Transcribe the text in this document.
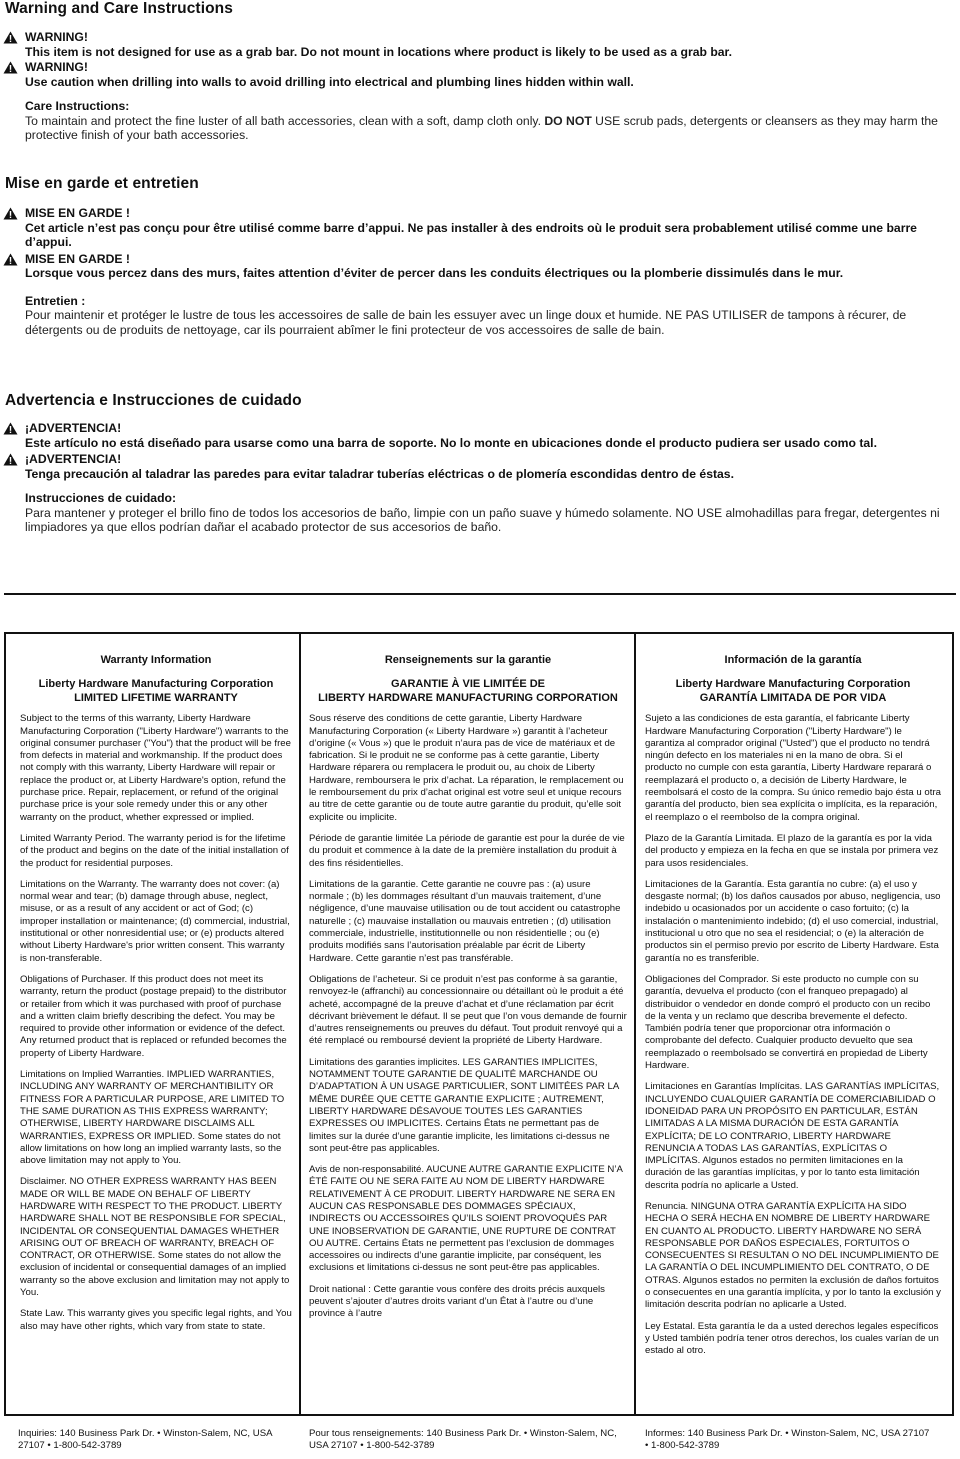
Warning and Care Instructions
WARNING!
This item is not designed for use as a grab bar. Do not mount in locations where product is likely to be used as a grab bar.
WARNING!
Use caution when drilling into walls to avoid drilling into electrical and plumbing lines hidden within wall.
Care Instructions:
To maintain and protect the fine luster of all bath accessories, clean with a soft, damp cloth only. DO NOT USE scrub pads, detergents or cleansers as they may harm the protective finish of your bath accessories.
Mise en garde et entretien
MISE EN GARDE !
Cet article n’est pas conçu pour être utilisé comme barre d’appui. Ne pas installer à des endroits où le produit sera probablement utilisé comme une barre d’appui.
MISE EN GARDE !
Lorsque vous percez dans des murs, faites attention d’éviter de percer dans les conduits électriques ou la plomberie dissimulés dans le mur.
Entretien :
Pour maintenir et protéger le lustre de tous les accessoires de salle de bain les essuyer avec un linge doux et humide. NE PAS UTILISER de tampons à récurer, de détergents ou de produits de nettoyage, car ils pourraient abîmer le fini protecteur de vos accessoires de salle de bain.
Advertencia e Instrucciones de cuidado
¡ADVERTENCIA!
Este artículo no está diseñado para usarse como una barra de soporte. No lo monte en ubicaciones donde el producto pudiera ser usado como tal.
¡ADVERTENCIA!
Tenga precaución al taladrar las paredes para evitar taladrar tuberías eléctricas o de plomería escondidas dentro de éstas.
Instrucciones de cuidado:
Para mantener y proteger el brillo fino de todos los accesorios de baño, limpie con un paño suave y húmedo solamente. NO USE almohadillas para fregar, detergentes ni limpiadores ya que ellos podrían dañar el acabado protector de sus accesorios de baño.
Warranty Information
Liberty Hardware Manufacturing Corporation
LIMITED LIFETIME WARRANTY

Subject to the terms of this warranty, Liberty Hardware Manufacturing Corporation ("Liberty Hardware") warrants to the original consumer purchaser ("You") that the product will be free from defects in material and workmanship. If the product does not comply with this warranty, Liberty Hardware will repair or replace the product or, at Liberty Hardware's option, refund the purchase price. Repair, replacement, or refund of the original purchase price is your sole remedy under this or any other warranty on the product, whether expressed or implied.

Limited Warranty Period. The warranty period is for the lifetime of the product and begins on the date of the initial installation of the product for residential purposes.

Limitations on the Warranty. The warranty does not cover: (a) normal wear and tear; (b) damage through abuse, neglect, misuse, or as a result of any accident or act of God; (c) improper installation or maintenance; (d) commercial, industrial, institutional or other nonresidential use; or (e) products altered without Liberty Hardware's prior written consent. This warranty is non-transferable.

Obligations of Purchaser. If this product does not meet its warranty, return the product (postage prepaid) to the distributor or retailer from which it was purchased with proof of purchase and a written claim briefly describing the defect. You may be required to provide other information or evidence of the defect. Any returned product that is replaced or refunded becomes the property of Liberty Hardware.

Limitations on Implied Warranties. IMPLIED WARRANTIES, INCLUDING ANY WARRANTY OF MERCHANTIBILITY OR FITNESS FOR A PARTICULAR PURPOSE, ARE LIMITED TO THE SAME DURATION AS THIS EXPRESS WARRANTY; OTHERWISE, LIBERTY HARDWARE DISCLAIMS ALL WARRANTIES, EXPRESS OR IMPLIED. Some states do not allow limitations on how long an implied warranty lasts, so the above limitation may not apply to You.

Disclaimer. NO OTHER EXPRESS WARRANTY HAS BEEN MADE OR WILL BE MADE ON BEHALF OF LIBERTY HARDWARE WITH RESPECT TO THE PRODUCT. LIBERTY HARDWARE SHALL NOT BE RESPONSIBLE FOR SPECIAL, INCIDENTAL OR CONSEQUENTIAL DAMAGES WHETHER ARISING OUT OF BREACH OF WARRANTY, BREACH OF CONTRACT, OR OTHERWISE. Some states do not allow the exclusion of incidental or consequential damages of an implied warranty so the above exclusion and limitation may not apply to You.

State Law. This warranty gives you specific legal rights, and You also may have other rights, which vary from state to state.

Renseignements sur la garantie
GARANTIE À VIE LIMITÉE DE
LIBERTY HARDWARE MANUFACTURING CORPORATION

Sous réserve des conditions de cette garantie, Liberty Hardware Manufacturing Corporation (« Liberty Hardware ») garantit à l’acheteur d’origine (« Vous ») que le produit n’aura pas de vice de matériaux et de fabrication. Si le produit ne se conforme pas à cette garantie, Liberty Hardware réparera ou remplacera le produit ou, au choix de Liberty Hardware, remboursera le prix d’achat. La réparation, le remplacement ou le remboursement du prix d’achat original est votre seul et unique recours au titre de cette garantie ou de toute autre garantie du produit, qu’elle soit explicite ou implicite.

Période de garantie limitée La période de garantie est pour la durée de vie du produit et commence à la date de la première installation du produit à des fins résidentielles.

Limitations de la garantie. Cette garantie ne couvre pas : (a) usure normale ; (b) les dommages résultant d’un mauvais traitement, d’une négligence, d’une mauvaise utilisation ou de tout accident ou catastrophe naturelle ; (c) mauvaise installation ou mauvais entretien ; (d) utilisation commerciale, industrielle, institutionnelle ou non résidentielle ; ou (e) produits modifiés sans l’autorisation préalable par écrit de Liberty Hardware. Cette garantie n’est pas transférable.

Obligations de l’acheteur. Si ce produit n’est pas conforme à sa garantie, renvoyez-le (affranchi) au concessionnaire ou détaillant où le produit a été acheté, accompagné de la preuve d’achat et d’une réclamation par écrit décrivant brièvement le défaut. Il se peut que l’on vous demande de fournir d’autres renseignements ou preuves du défaut. Tout produit renvoyé qui a été remplacé ou remboursé devient la propriété de Liberty Hardware.

Limitations des garanties implicites. LES GARANTIES IMPLICITES, NOTAMMENT TOUTE GARANTIE DE QUALITÉ MARCHANDE OU D’ADAPTATION À UN USAGE PARTICULIER, SONT LIMITÉES PAR LA MÊME DURÉE QUE CETTE GARANTIE EXPLICITE ; AUTREMENT, LIBERTY HARDWARE DÉSAVOUE TOUTES LES GARANTIES EXPRESSES OU IMPLICITES. Certains États ne permettant pas de limites sur la durée d’une garantie implicite, les limitations ci-dessus ne sont peut-être pas applicables.

Avis de non-responsabilité. AUCUNE AUTRE GARANTIE EXPLICITE N’A ÉTÉ FAITE OU NE SERA FAITE AU NOM DE LIBERTY HARDWARE RELATIVEMENT À CE PRODUIT. LIBERTY HARDWARE NE SERA EN AUCUN CAS RESPONSABLE DES DOMMAGES SPÉCIAUX, INDIRECTS OU ACCESSOIRES QU’ILS SOIENT PROVOQUÉS PAR UNE INOBSERVATION DE GARANTIE, UNE RUPTURE DE CONTRAT OU AUTRE. Certains États ne permettent pas l’exclusion de dommages accessoires ou indirects d’une garantie implicite, par conséquent, les exclusions et limitations ci-dessus ne sont peut-être pas applicables.

Droit national : Cette garantie vous confère des droits précis auxquels peuvent s’ajouter d’autres droits variant d’un État à l’autre ou d’une province à l’autre

Información de la garantía
Liberty Hardware Manufacturing Corporation
GARANTÍA LIMITADA DE POR VIDA

Sujeto a las condiciones de esta garantía, el fabricante Liberty Hardware Manufacturing Corporation ("Liberty Hardware") le garantiza al comprador original ("Usted") que el producto no tendrá ningún defecto en los materiales ni en la mano de obra. Si el producto no cumple con esta garantía, Liberty Hardware reparará o reemplazará el producto o, a decisión de Liberty Hardware, le reembolsará el costo de la compra. Su único remedio bajo ésta u otra garantía del producto, bien sea explícita o implícita, es la reparación, el reemplazo o el reembolso de la compra original.

Plazo de la Garantía Limitada. El plazo de la garantía es por la vida del producto y empieza en la fecha en que se instala por primera vez para usos residenciales.

Limitaciones de la Garantía. Esta garantía no cubre: (a) el uso y desgaste normal; (b) los daños causados por abuso, negligencia, uso indebido u ocasionados por un accidente o caso fortuito; (c) la instalación o mantenimiento indebido; (d) el uso comercial, industrial, institucional u otro que no sea el residencial; o (e) la alteración de productos sin el permiso previo por escrito de Liberty Hardware. Esta garantía no es transferible.

Obligaciones del Comprador. Si este producto no cumple con su garantía, devuelva el producto (con el franqueo prepagado) al distribuidor o vendedor en donde compró el producto con un recibo de la venta y un reclamo que describa brevemente el defecto. También podría tener que proporcionar otra información o comprobante del defecto. Cualquier producto devuelto que sea reemplazado o reembolsado se convertirá en propiedad de Liberty Hardware.

Limitaciones en Garantías Implícitas. LAS GARANTÍAS IMPLÍCITAS, INCLUYENDO CUALQUIER GARANTÍA DE COMERCIABILIDAD O IDONEIDAD PARA UN PROPÓSITO EN PARTICULAR, ESTÁN LIMITADAS A LA MISMA DURACIÓN DE ESTA GARANTÍA EXPLÍCITA; DE LO CONTRARIO, LIBERTY HARDWARE RENUNCIA A TODAS LAS GARANTÍAS, EXPLÍCITAS O IMPLÍCITAS. Algunos estados no permiten limitaciones en la duración de las garantías implícitas, y por lo tanto esta limitación descrita podría no aplicarle a Usted.

Renuncia. NINGUNA OTRA GARANTÍA EXPLÍCITA HA SIDO HECHA O SERÁ HECHA EN NOMBRE DE LIBERTY HARDWARE EN CUANTO AL PRODUCTO. LIBERTY HARDWARE NO SERÁ RESPONSABLE POR DAÑOS ESPECIALES, FORTUITOS O CONSECUENTES SI RESULTAN O NO DEL INCUMPLIMIENTO DE LA GARANTÍA O DEL INCUMPLIMIENTO DEL CONTRATO, O DE OTRAS. Algunos estados no permiten la exclusión de daños fortuitos o consecuentes en una garantía implícita, y por lo tanto la exclusión y limitación descrita podrían no aplicarle a Usted.

Ley Estatal. Esta garantía le da a usted derechos legales específicos y Usted también podría tener otros derechos, los cuales varían de un estado al otro.

Inquiries: 140 Business Park Dr. • Winston-Salem, NC, USA 27107 • 1-800-542-3789
Pour tous renseignements: 140 Business Park Dr. • Winston-Salem, NC, USA 27107 • 1-800-542-3789
Informes: 140 Business Park Dr. • Winston-Salem, NC, USA 27107 • 1-800-542-3789
